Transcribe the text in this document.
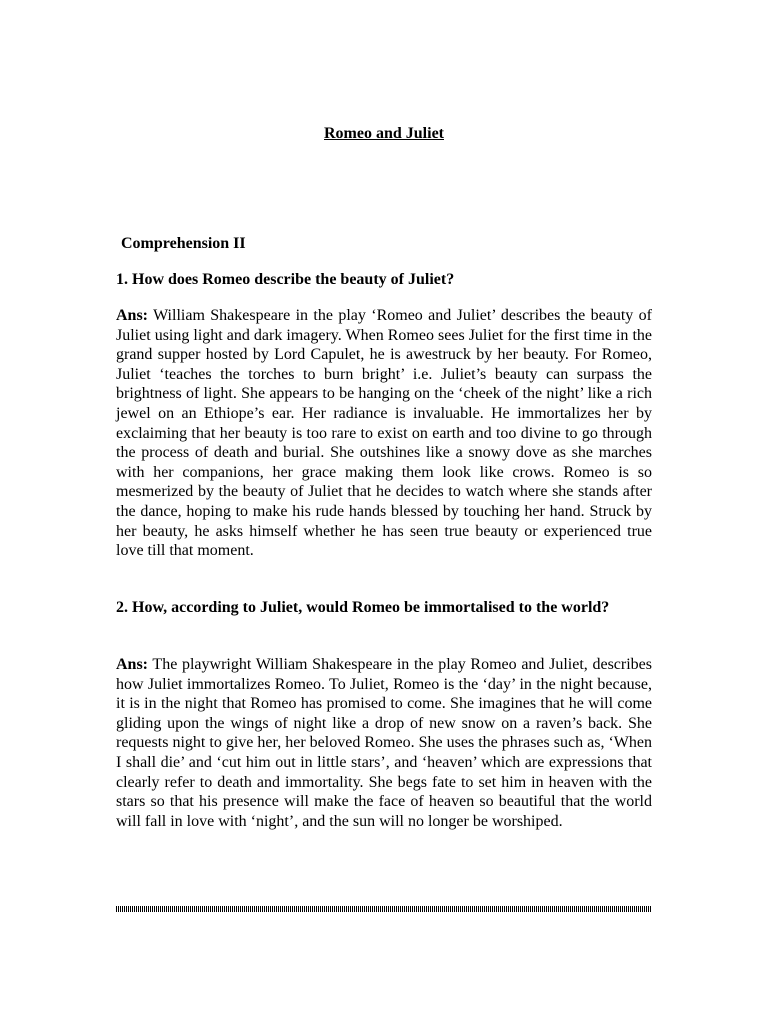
Romeo and Juliet
Comprehension II

1. How does Romeo describe the beauty of Juliet?

Ans: William Shakespeare in the play ‘Romeo and Juliet’ describes the beauty of Juliet using light and dark imagery. When Romeo sees Juliet for the first time in the grand supper hosted by Lord Capulet, he is awestruck by her beauty. For Romeo, Juliet ‘teaches the torches to burn bright’ i.e. Juliet’s beauty can surpass the brightness of light. She appears to be hanging on the ‘cheek of the night’ like a rich jewel on an Ethiope’s ear. Her radiance is invaluable. He immortalizes her by exclaiming that her beauty is too rare to exist on earth and too divine to go through the process of death and burial. She outshines like a snowy dove as she marches with her companions, her grace making them look like crows. Romeo is so mesmerized by the beauty of Juliet that he decides to watch where she stands after the dance, hoping to make his rude hands blessed by touching her hand. Struck by her beauty, he asks himself whether he has seen true beauty or experienced true love till that moment.

2. How, according to Juliet, would Romeo be immortalised to the world?

Ans: The playwright William Shakespeare in the play Romeo and Juliet, describes how Juliet immortalizes Romeo. To Juliet, Romeo is the ‘day’ in the night because, it is in the night that Romeo has promised to come. She imagines that he will come gliding upon the wings of night like a drop of new snow on a raven’s back. She requests night to give her, her beloved Romeo. She uses the phrases such as, ‘When I shall die’ and ‘cut him out in little stars’, and ‘heaven’ which are expressions that clearly refer to death and immortality. She begs fate to set him in heaven with the stars so that his presence will make the face of heaven so beautiful that the world will fall in love with ‘night’, and the sun will no longer be worshiped.
